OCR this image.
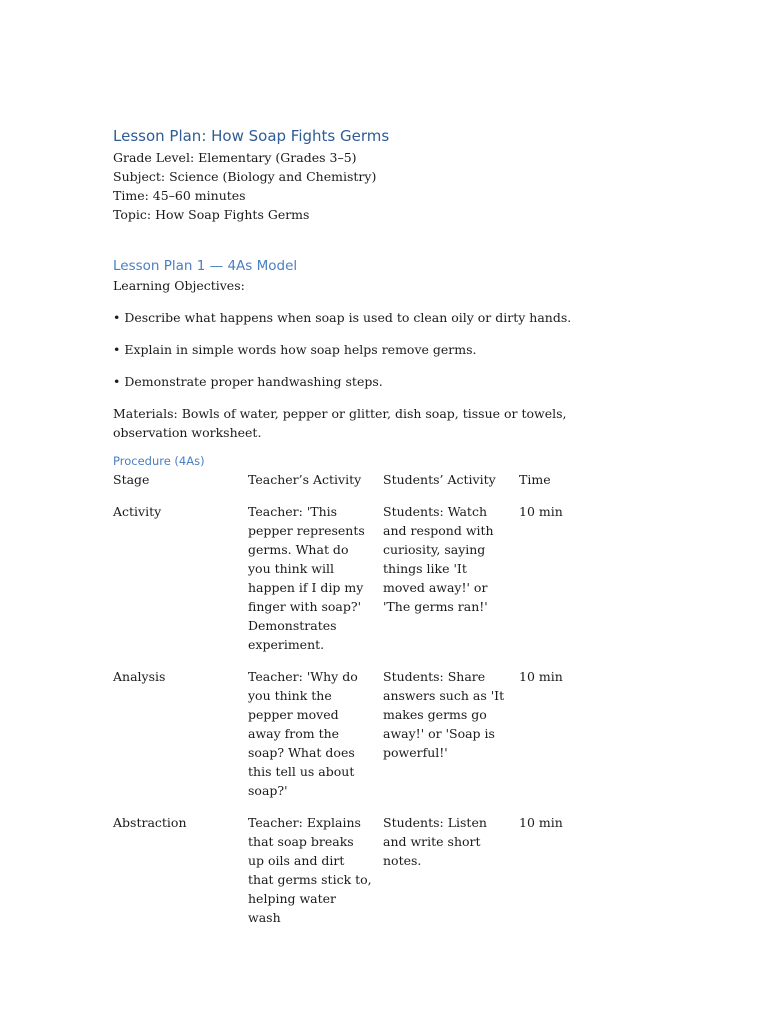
Lesson Plan: How Soap Fights Germs
Grade Level: Elementary (Grades 3–5)
Subject: Science (Biology and Chemistry)
Time: 45–60 minutes
Topic: How Soap Fights Germs
Lesson Plan 1 — 4As Model
Learning Objectives:
• Describe what happens when soap is used to clean oily or dirty hands.
• Explain in simple words how soap helps remove germs.
• Demonstrate proper handwashing steps.
Materials: Bowls of water, pepper or glitter, dish soap, tissue or towels, observation worksheet.
Procedure (4As)
Stage	Teacher’s Activity	Students’ Activity	Time
Activity	Teacher: 'This pepper represents germs. What do you think will happen if I dip my finger with soap?' Demonstrates experiment.	Students: Watch and respond with curiosity, saying things like 'It moved away!' or 'The germs ran!'	10 min
Analysis	Teacher: 'Why do you think the pepper moved away from the soap? What does this tell us about soap?'	Students: Share answers such as 'It makes germs go away!' or 'Soap is powerful!'	10 min
Abstraction	Teacher: Explains that soap breaks up oils and dirt that germs stick to, helping water wash	Students: Listen and write short notes.	10 min
